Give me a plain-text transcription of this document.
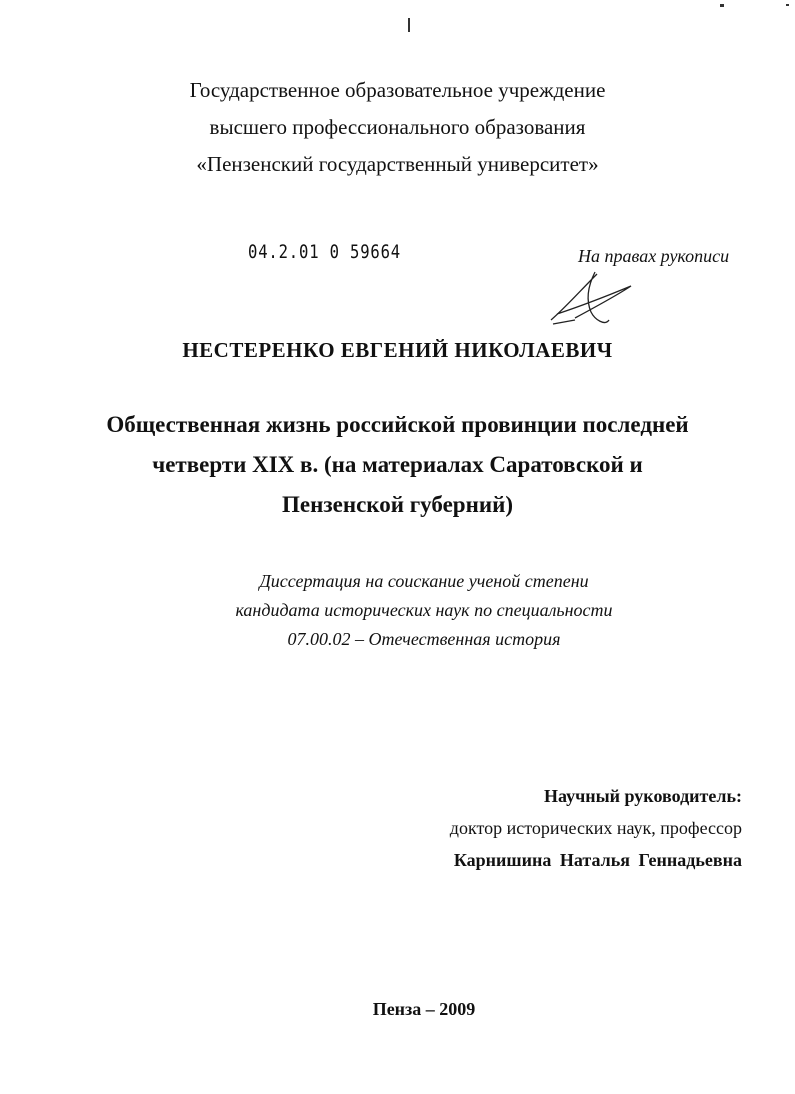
Государственное образовательное учреждение
высшего профессионального образования
«Пензенский государственный университет»
04.2.01 0 59664	На правах рукописи
НЕСТЕРЕНКО ЕВГЕНИЙ НИКОЛАЕВИЧ
Общественная жизнь российской провинции последней
четверти XIX в. (на материалах Саратовской и
Пензенской губерний)
Диссертация на соискание ученой степени
кандидата исторических наук по специальности
07.00.02 – Отечественная история
Научный руководитель:
доктор исторических наук, профессор
Карнишина Наталья Геннадьевна
Пенза – 2009
